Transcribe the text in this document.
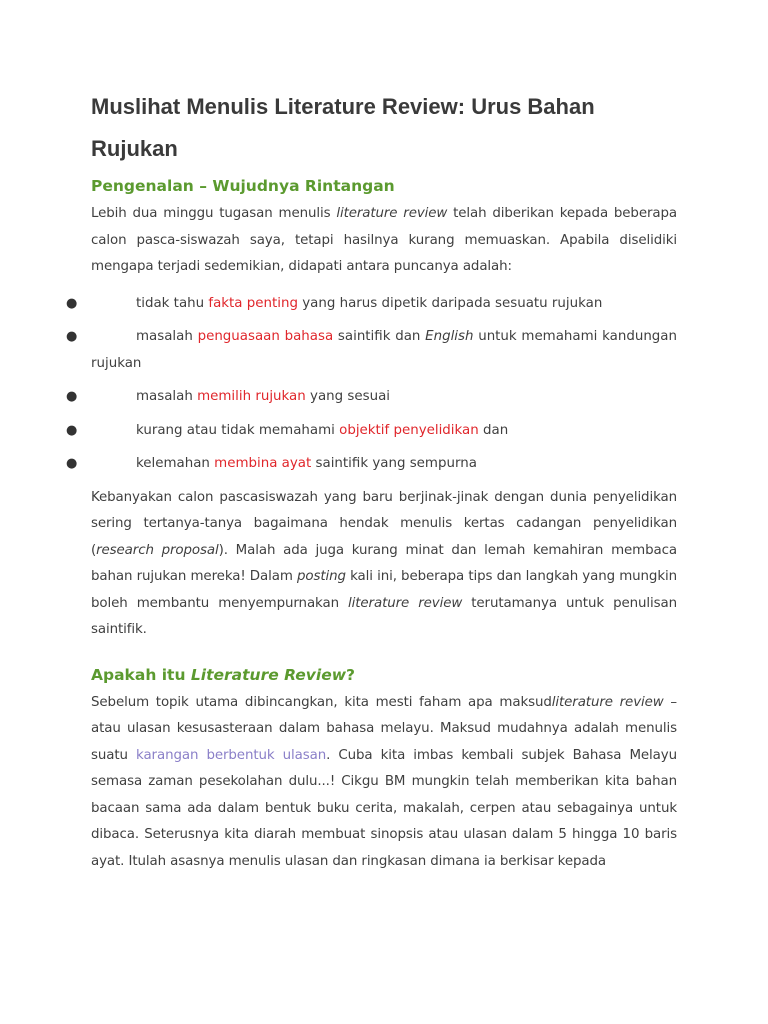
Muslihat Menulis Literature Review: Urus Bahan Rujukan
Pengenalan – Wujudnya Rintangan

Lebih dua minggu tugasan menulis literature review telah diberikan kepada beberapa calon pasca-siswazah saya, tetapi hasilnya kurang memuaskan. Apabila diselidiki mengapa terjadi sedemikian, didapati antara puncanya adalah:

●	tidak tahu fakta penting yang harus dipetik daripada sesuatu rujukan
●	masalah penguasaan bahasa saintifik dan English untuk memahami kandungan rujukan
●	masalah memilih rujukan yang sesuai
●	kurang atau tidak memahami objektif penyelidikan dan
●	kelemahan membina ayat saintifik yang sempurna

Kebanyakan calon pascasiswazah yang baru berjinak-jinak dengan dunia penyelidikan sering tertanya-tanya bagaimana hendak menulis kertas cadangan penyelidikan (research proposal). Malah ada juga kurang minat dan lemah kemahiran membaca bahan rujukan mereka! Dalam posting kali ini, beberapa tips dan langkah yang mungkin boleh membantu menyempurnakan literature review terutamanya untuk penulisan saintifik.

Apakah itu Literature Review?

Sebelum topik utama dibincangkan, kita mesti faham apa maksudliterature review – atau ulasan kesusasteraan dalam bahasa melayu. Maksud mudahnya adalah menulis suatu karangan berbentuk ulasan. Cuba kita imbas kembali subjek Bahasa Melayu semasa zaman pesekolahan dulu...! Cikgu BM mungkin telah memberikan kita bahan bacaan sama ada dalam bentuk buku cerita, makalah, cerpen atau sebagainya untuk dibaca. Seterusnya kita diarah membuat sinopsis atau ulasan dalam 5 hingga 10 baris ayat. Itulah asasnya menulis ulasan dan ringkasan dimana ia berkisar kepada
